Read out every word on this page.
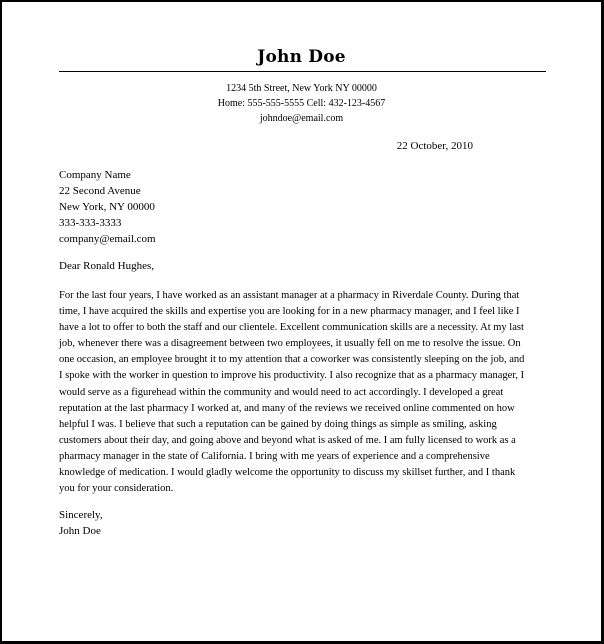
John Doe
1234 5th Street, New York NY 00000
Home: 555-555-5555 Cell: 432-123-4567
johndoe@email.com
22 October, 2010
Company Name
22 Second Avenue
New York, NY 00000
333-333-3333
company@email.com
Dear Ronald Hughes,
For the last four years, I have worked as an assistant manager at a pharmacy in Riverdale County. During that
time, I have acquired the skills and expertise you are looking for in a new pharmacy manager, and I feel like I
have a lot to offer to both the staff and our clientele. Excellent communication skills are a necessity. At my last
job, whenever there was a disagreement between two employees, it usually fell on me to resolve the issue. On
one occasion, an employee brought it to my attention that a coworker was consistently sleeping on the job, and
I spoke with the worker in question to improve his productivity. I also recognize that as a pharmacy manager, I
would serve as a figurehead within the community and would need to act accordingly. I developed a great
reputation at the last pharmacy I worked at, and many of the reviews we received online commented on how
helpful I was. I believe that such a reputation can be gained by doing things as simple as smiling, asking
customers about their day, and going above and beyond what is asked of me. I am fully licensed to work as a
pharmacy manager in the state of California. I bring with me years of experience and a comprehensive
knowledge of medication. I would gladly welcome the opportunity to discuss my skillset further, and I thank
you for your consideration.
Sincerely,
John Doe
